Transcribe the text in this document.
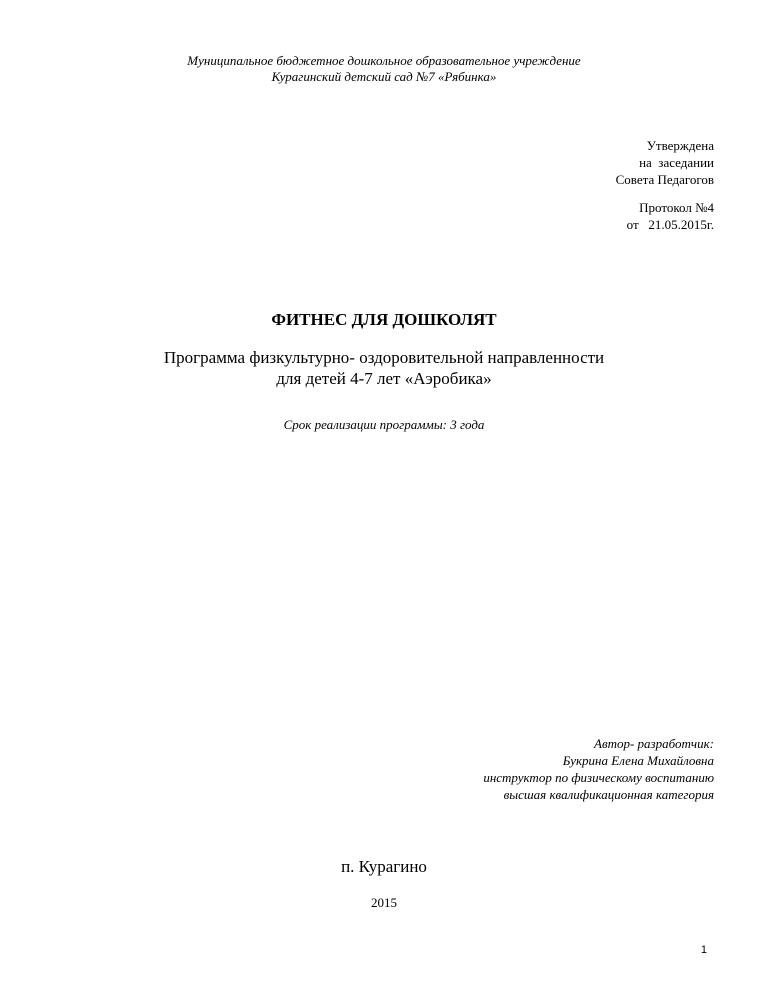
Муниципальное бюджетное дошкольное образовательное учреждение
Курагинский детский сад №7 «Рябинка»
Утверждена
на  заседании
Совета Педагогов
Протокол №4
от   21.05.2015г.
ФИТНЕС ДЛЯ ДОШКОЛЯТ
Программа физкультурно- оздоровительной направленности
для детей 4-7 лет «Аэробика»
Срок реализации программы: 3 года
Автор- разработчик:
Букрина Елена Михайловна
инструктор по физическому воспитанию
высшая квалификационная категория
п. Курагино
2015
1
